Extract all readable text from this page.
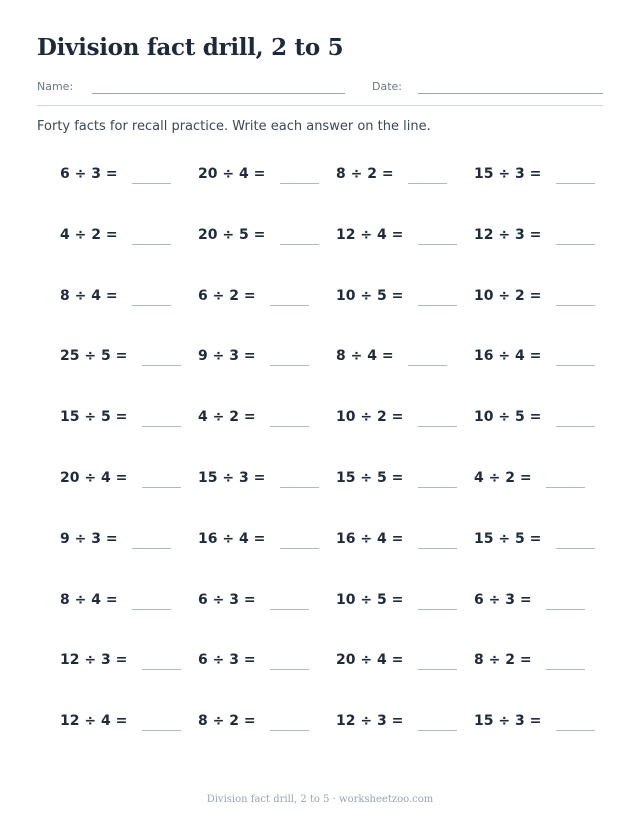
Division fact drill, 2 to 5
Name:	Date:

Forty facts for recall practice. Write each answer on the line.

6 ÷ 3 =	20 ÷ 4 =	8 ÷ 2 =	15 ÷ 3 =
4 ÷ 2 =	20 ÷ 5 =	12 ÷ 4 =	12 ÷ 3 =
8 ÷ 4 =	6 ÷ 2 =	10 ÷ 5 =	10 ÷ 2 =
25 ÷ 5 =	9 ÷ 3 =	8 ÷ 4 =	16 ÷ 4 =
15 ÷ 5 =	4 ÷ 2 =	10 ÷ 2 =	10 ÷ 5 =
20 ÷ 4 =	15 ÷ 3 =	15 ÷ 5 =	4 ÷ 2 =
9 ÷ 3 =	16 ÷ 4 =	16 ÷ 4 =	15 ÷ 5 =
8 ÷ 4 =	6 ÷ 3 =	10 ÷ 5 =	6 ÷ 3 =
12 ÷ 3 =	6 ÷ 3 =	20 ÷ 4 =	8 ÷ 2 =
12 ÷ 4 =	8 ÷ 2 =	12 ÷ 3 =	15 ÷ 3 =
Division fact drill, 2 to 5 · worksheetzoo.com
